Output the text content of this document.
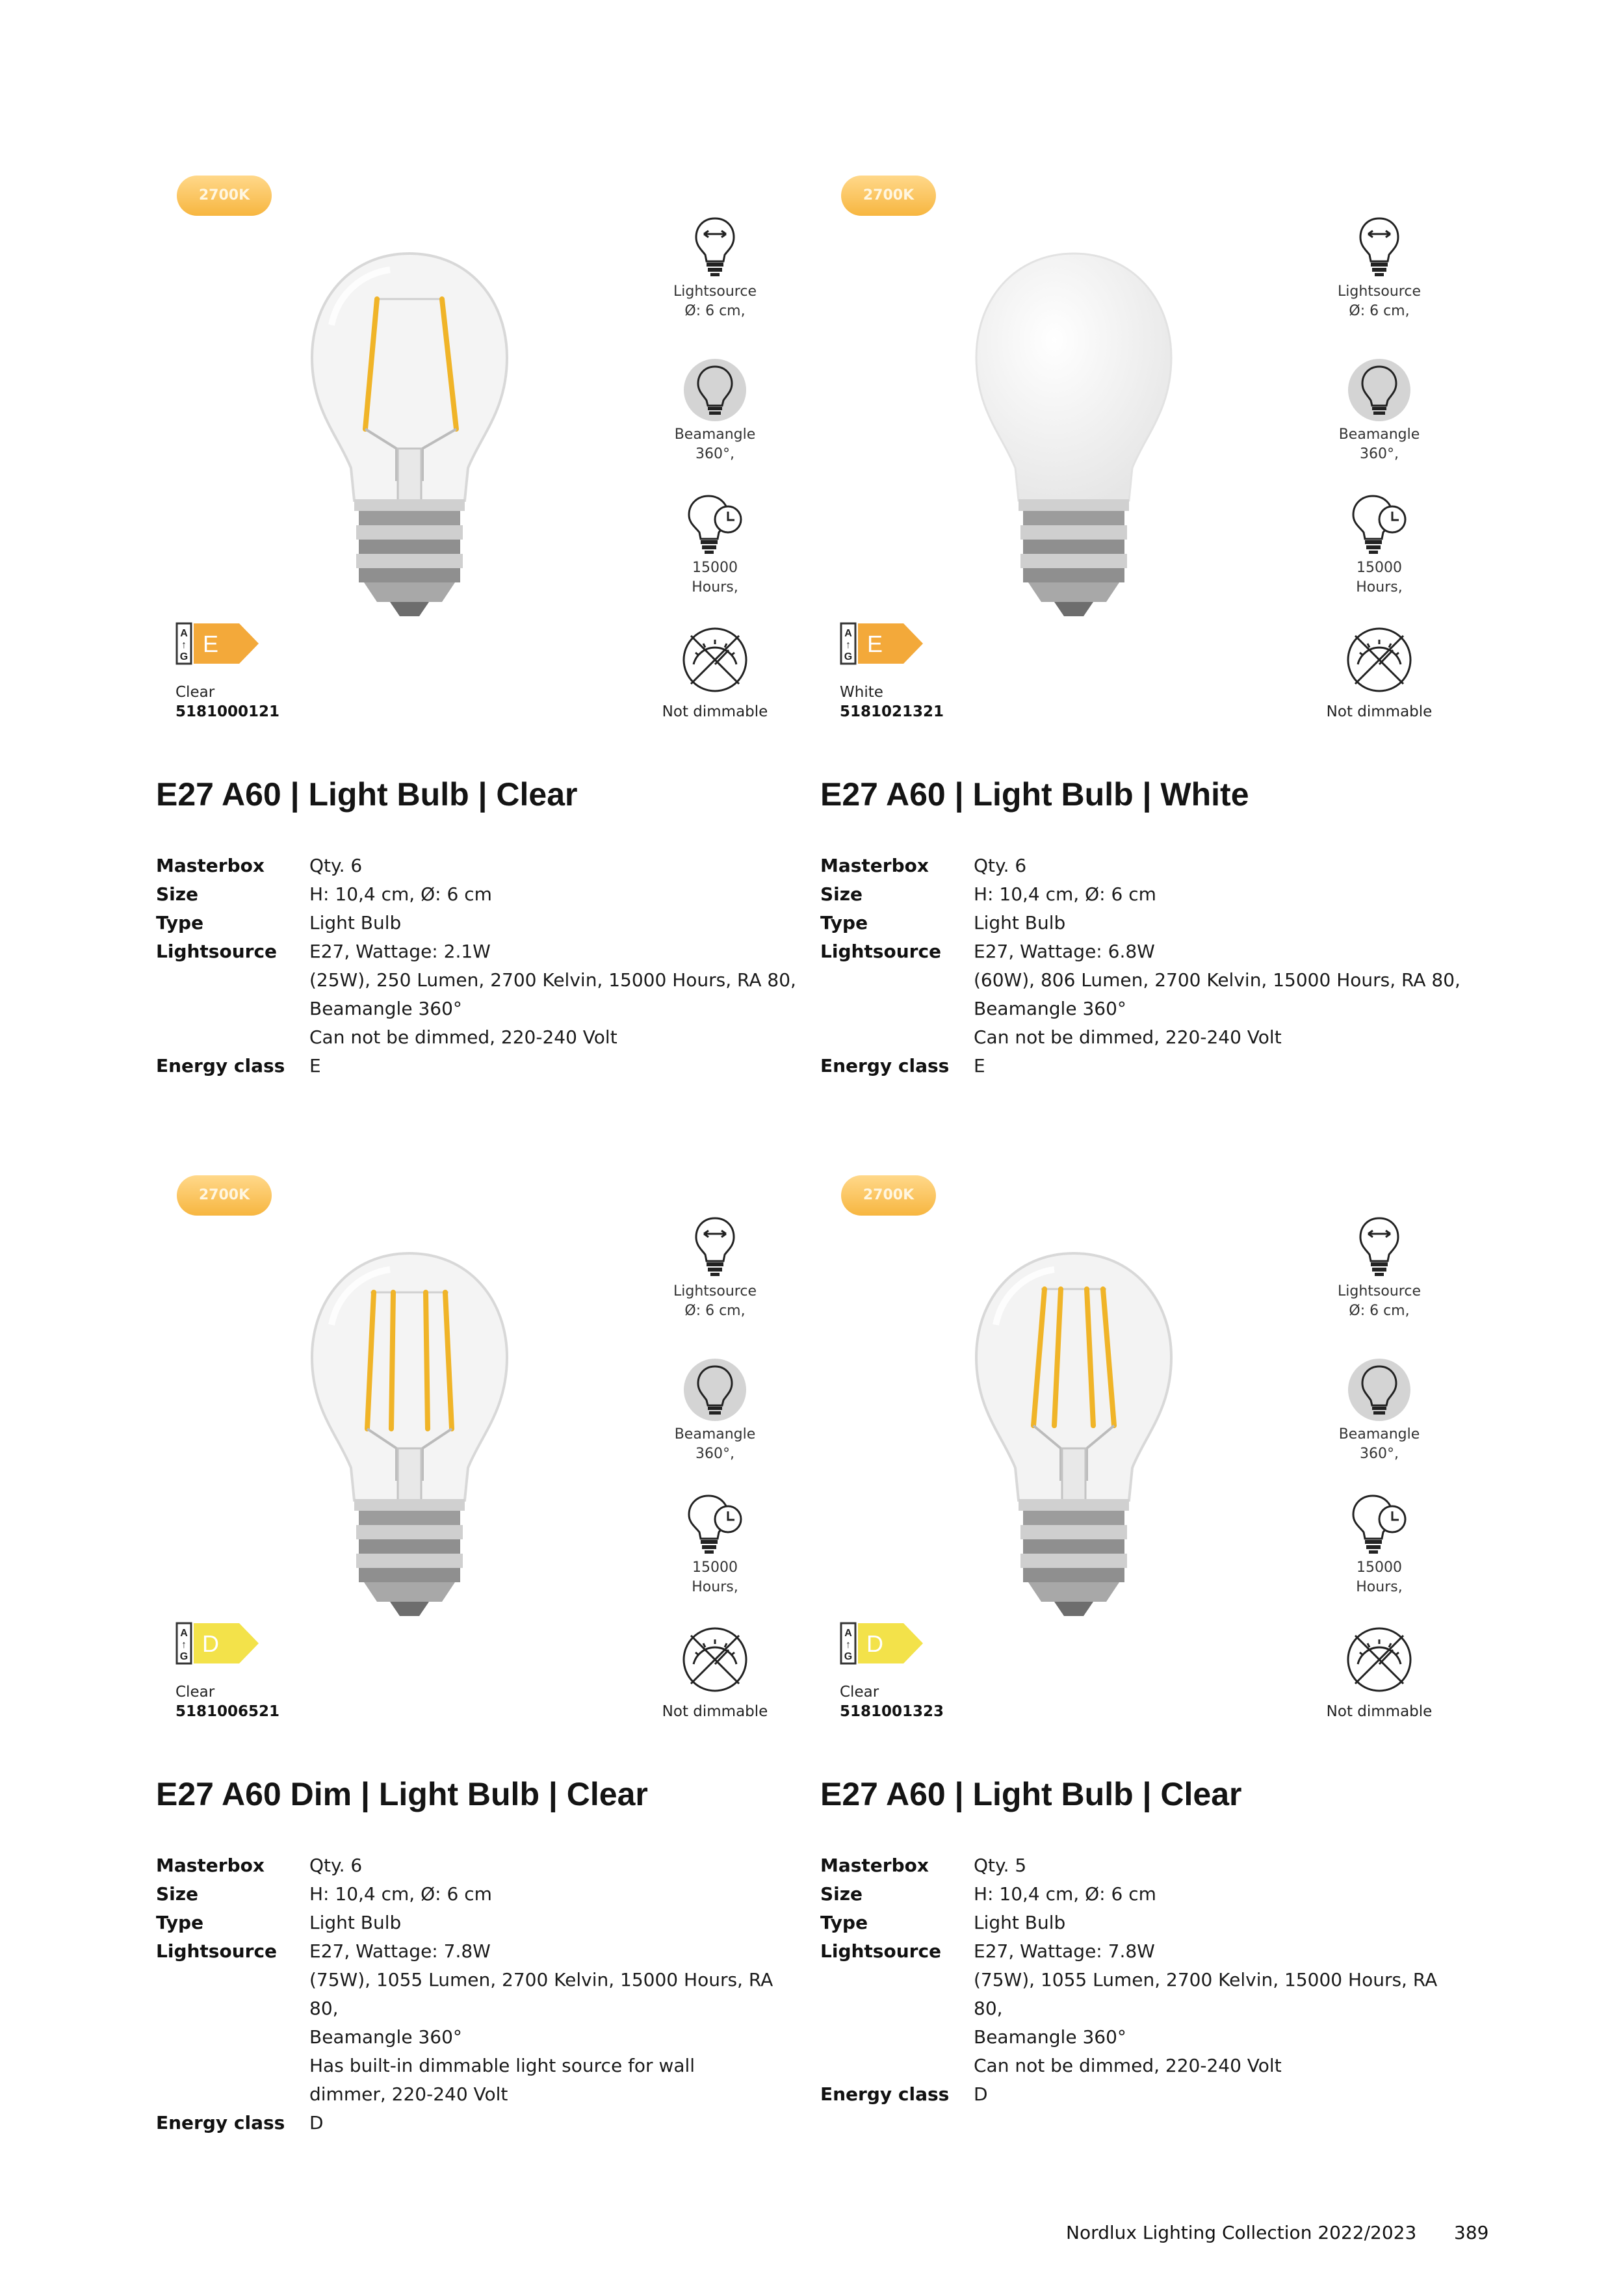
2700K
Lightsource
Ø: 6 cm,
Beamangle
360°,
15000
Hours,
A
↑
G E
Clear
5181000121	Not dimmable
E27 A60 | Light Bulb | Clear
Masterbox	Qty. 6
Size	H: 10,4 cm, Ø: 6 cm
Type	Light Bulb
Lightsource	E27, Wattage: 2.1W
(25W), 250 Lumen, 2700 Kelvin, 15000 Hours, RA 80,
Beamangle 360°
Can not be dimmed, 220-240 Volt
Energy class	E
2700K
Lightsource
Ø: 6 cm,
Beamangle
360°,
15000
Hours,
A
↑
G E
White
5181021321	Not dimmable
E27 A60 | Light Bulb | White
Masterbox	Qty. 6
Size	H: 10,4 cm, Ø: 6 cm
Type	Light Bulb
Lightsource	E27, Wattage: 6.8W
(60W), 806 Lumen, 2700 Kelvin, 15000 Hours, RA 80,
Beamangle 360°
Can not be dimmed, 220-240 Volt
Energy class	E
2700K
Lightsource
Ø: 6 cm,
Beamangle
360°,
15000
Hours,
A
↑
G D
Clear
5181006521	Not dimmable
E27 A60 Dim | Light Bulb | Clear
Masterbox	Qty. 6
Size	H: 10,4 cm, Ø: 6 cm
Type	Light Bulb
Lightsource	E27, Wattage: 7.8W
(75W), 1055 Lumen, 2700 Kelvin, 15000 Hours, RA 80,
Beamangle 360°
Has built-in dimmable light source for wall
dimmer, 220-240 Volt
Energy class	D
2700K
Lightsource
Ø: 6 cm,
Beamangle
360°,
15000
Hours,
A
↑
G D
Clear
5181001323	Not dimmable
E27 A60 | Light Bulb | Clear
Masterbox	Qty. 5
Size	H: 10,4 cm, Ø: 6 cm
Type	Light Bulb
Lightsource	E27, Wattage: 7.8W
(75W), 1055 Lumen, 2700 Kelvin, 15000 Hours, RA 80,
Beamangle 360°
Can not be dimmed, 220-240 Volt
Energy class	D
Nordlux Lighting Collection 2022/2023 389
